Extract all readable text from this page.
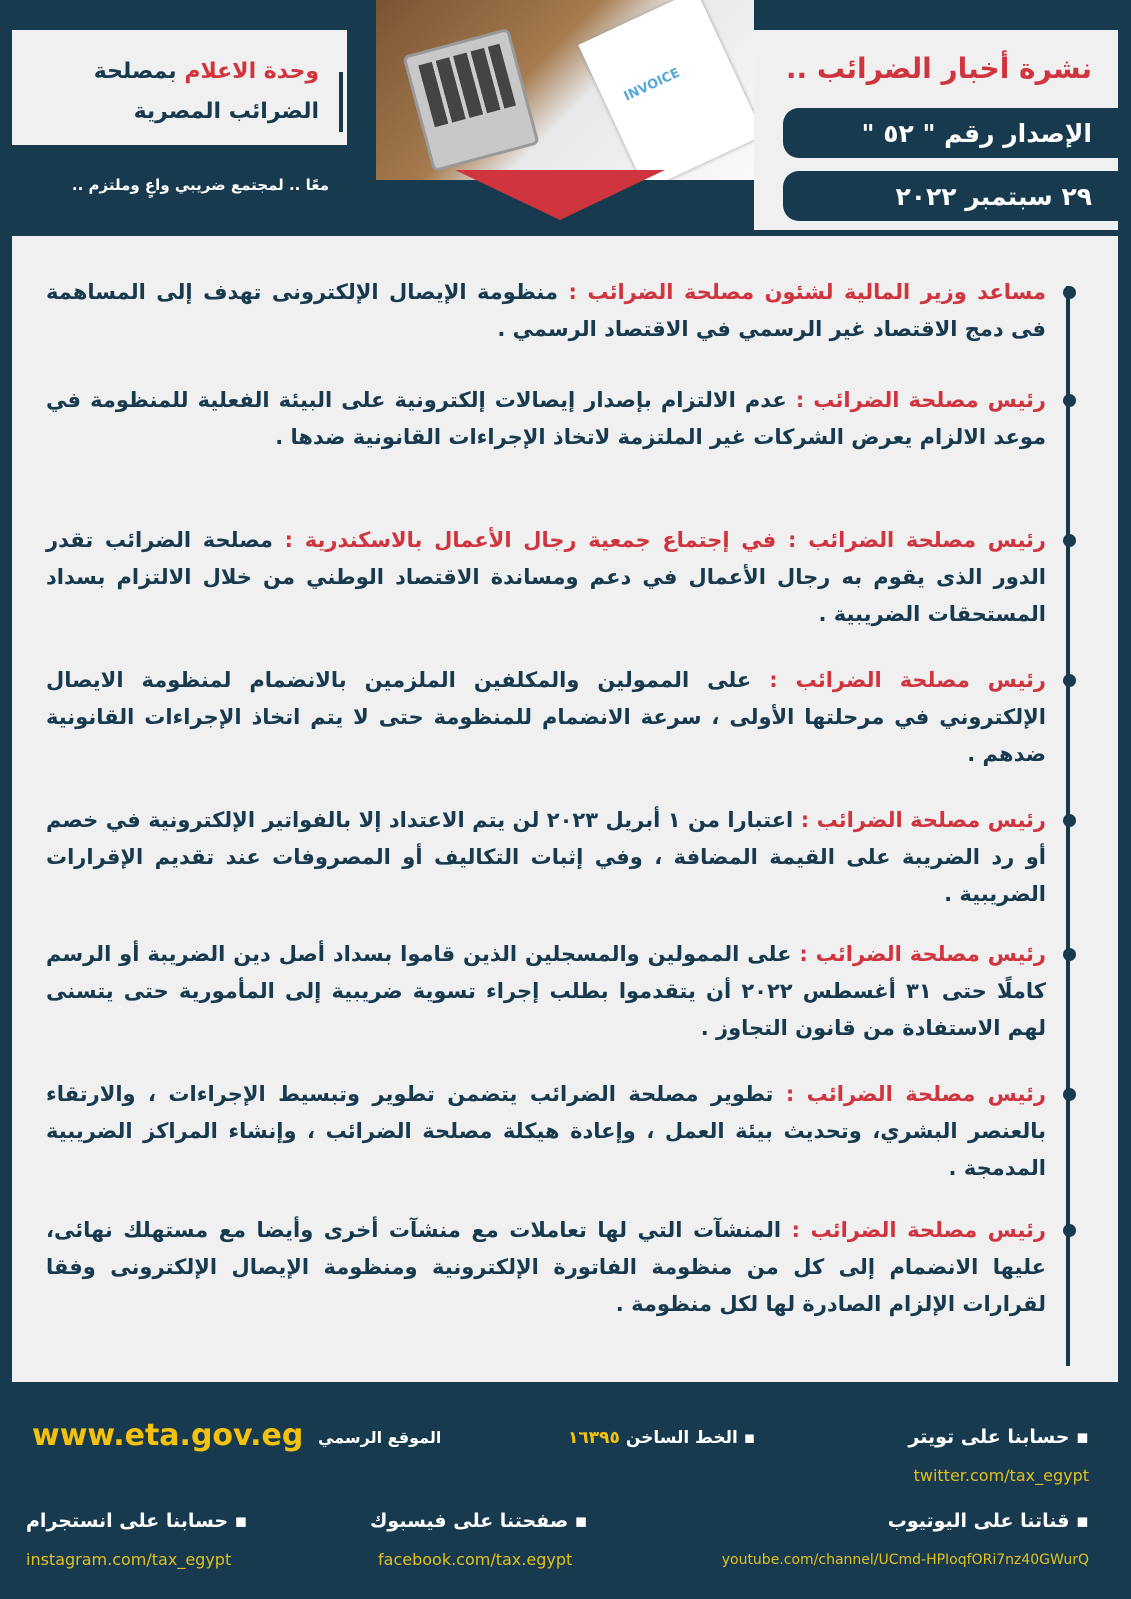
وحدة الاعلام بمصلحة
الضرائب المصرية
معًا .. لمجتمع ضريبي واعٍ وملتزم ..
INVOICE	نشرة أخبار الضرائب ..
الإصدار رقم " ٥٢ "
٢٩ سبتمبر ٢٠٢٢
مساعد وزير المالية لشئون مصلحة الضرائب : منظومة الإيصال الإلكترونى تهدف إلى المساهمة فى دمج الاقتصاد غير الرسمي في الاقتصاد الرسمي .
رئيس مصلحة الضرائب : عدم الالتزام بإصدار إيصالات إلكترونية على البيئة الفعلية للمنظومة في موعد الالزام يعرض الشركات غير الملتزمة لاتخاذ الإجراءات القانونية ضدها .
رئيس مصلحة الضرائب : في إجتماع جمعية رجال الأعمال بالاسكندرية : مصلحة الضرائب تقدر الدور الذى يقوم به رجال الأعمال في دعم ومساندة الاقتصاد الوطني من خلال الالتزام بسداد المستحقات الضريبية .
رئيس مصلحة الضرائب : على الممولين والمكلفين الملزمين بالانضمام لمنظومة الايصال الإلكتروني في مرحلتها الأولى ، سرعة الانضمام للمنظومة حتى لا يتم اتخاذ الإجراءات القانونية ضدهم .
رئيس مصلحة الضرائب : اعتبارا من ١ أبريل ٢٠٢٣ لن يتم الاعتداد إلا بالفواتير الإلكترونية في خصم أو رد الضريبة على القيمة المضافة ، وفي إثبات التكاليف أو المصروفات عند تقديم الإقرارات الضريبية .
رئيس مصلحة الضرائب : على الممولين والمسجلين الذين قاموا بسداد أصل دين الضريبة أو الرسم كاملًا حتى ٣١ أغسطس ٢٠٢٢ أن يتقدموا بطلب إجراء تسوية ضريبية إلى المأمورية حتى يتسنى لهم الاستفادة من قانون التجاوز .
رئيس مصلحة الضرائب : تطوير مصلحة الضرائب يتضمن تطوير وتبسيط الإجراءات ، والارتقاء بالعنصر البشري، وتحديث بيئة العمل ، وإعادة هيكلة مصلحة الضرائب ، وإنشاء المراكز الضريبية المدمجة .
رئيس مصلحة الضرائب : المنشآت التي لها تعاملات مع منشآت أخرى وأيضا مع مستهلك نهائى، عليها الانضمام إلى كل من منظومة الفاتورة الإلكترونية ومنظومة الإيصال الإلكترونى وفقا لقرارات الإلزام الصادرة لها لكل منظومة .
www.eta.gov.eg الموقع الرسمي	▪ الخط الساخن ١٦٣٩٥	▪ حسابنا على تويتر
twitter.com/tax_egypt
▪ قناتنا على اليوتيوب
youtube.com/channel/UCmd-HPIoqfORi7nz40GWurQ
▪ صفحتنا على فيسبوك
facebook.com/tax.egypt
▪ حسابنا على انستجرام
instagram.com/tax_egypt
